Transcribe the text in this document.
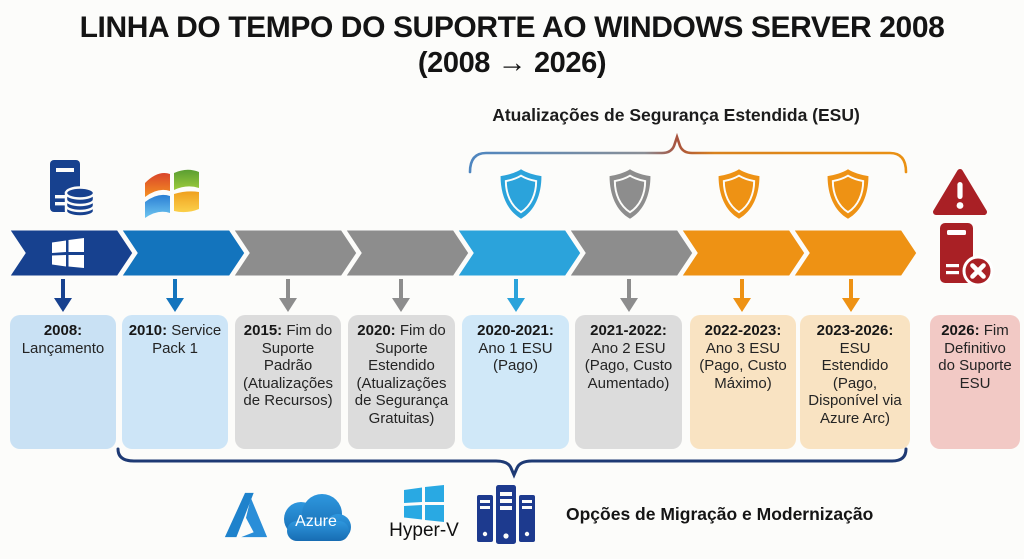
LINHA DO TEMPO DO SUPORTE AO WINDOWS SERVER 2008
(2008 → 2026)
Atualizações de Segurança Estendida (ESU)
2008: Lançamento
2010: Service Pack 1
2015: Fim do Suporte Padrão (Atualizações de Recursos)
2020: Fim do Suporte Estendido (Atualizações de Segurança Gratuitas)
2020-2021: Ano 1 ESU (Pago)
2021-2022: Ano 2 ESU (Pago, Custo Aumentado)
2022-2023: Ano 3 ESU (Pago, Custo Máximo)
2023-2026: ESU Estendido (Pago, Disponível via Azure Arc)
2026: Fim Definitivo do Suporte ESU
Azure	Hyper-V
Opções de Migração e Modernização
